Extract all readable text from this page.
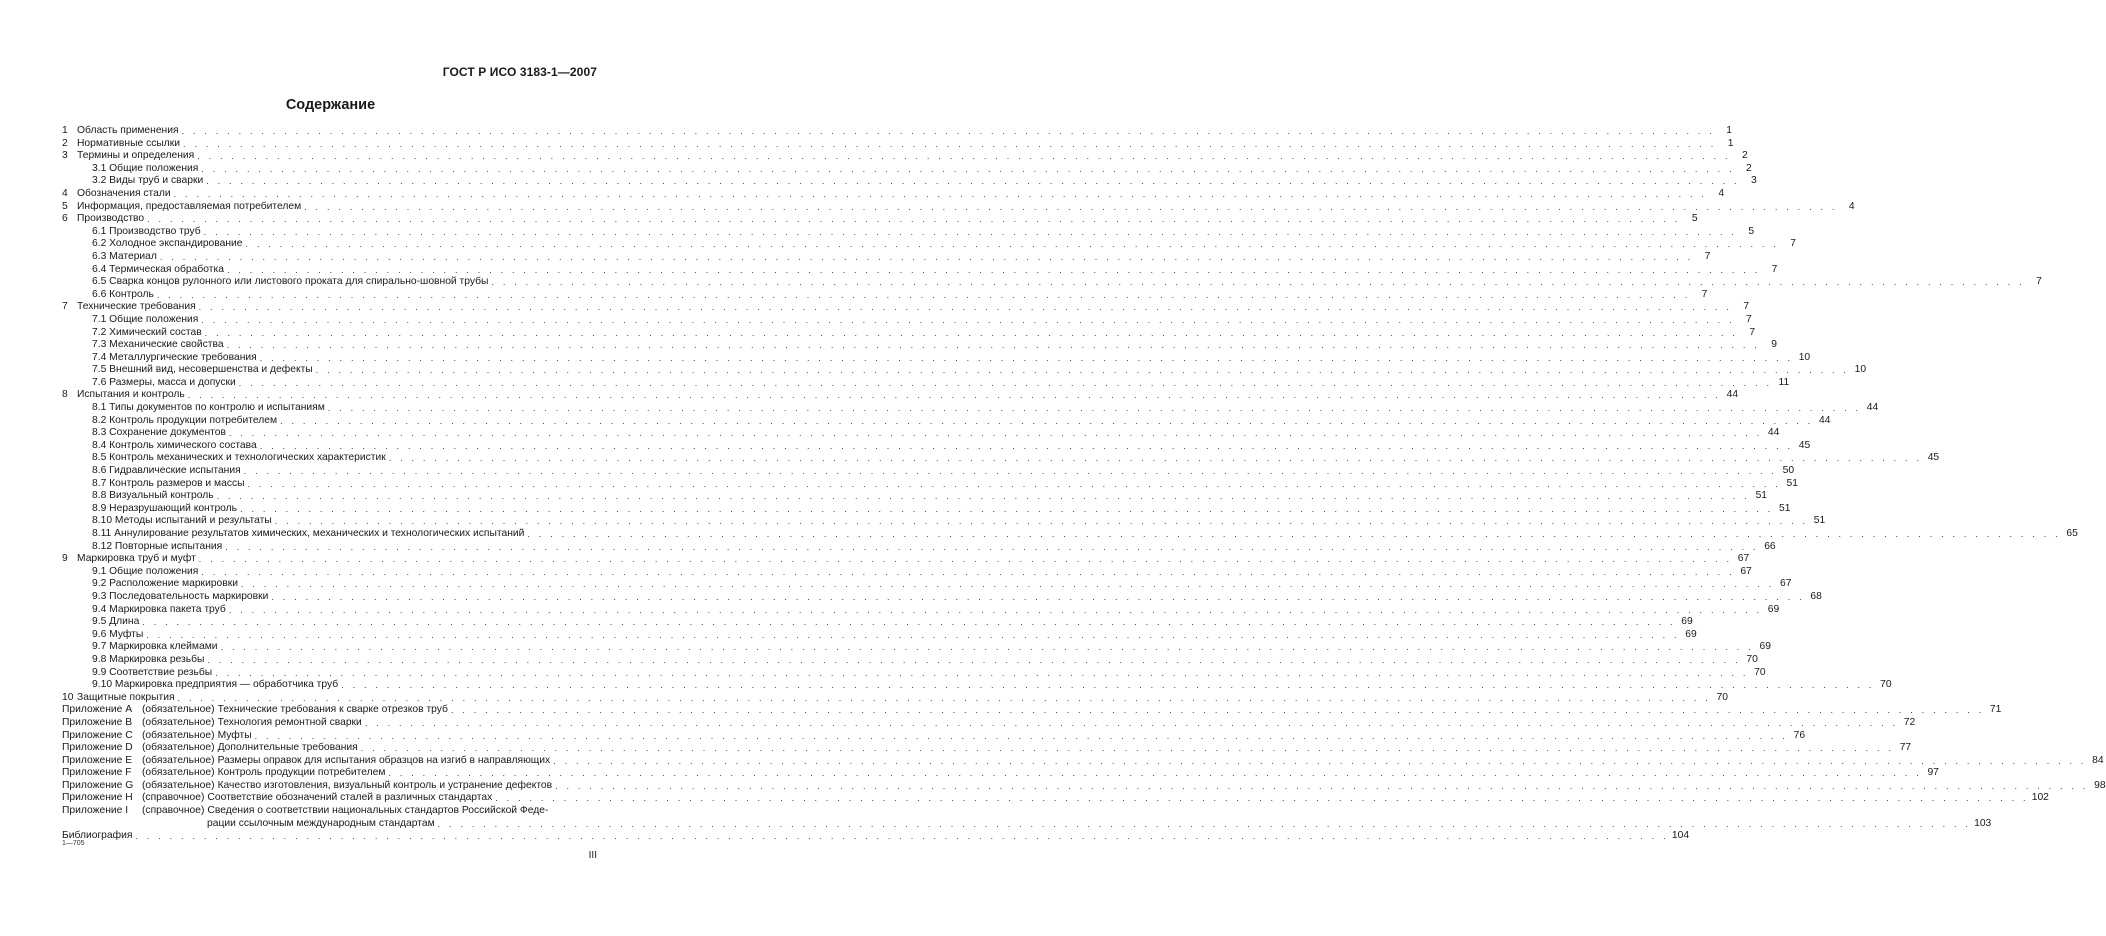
ГОСТ Р ИСО 3183-1—2007
Содержание
1 Область применения . . .	1
2 Нормативные ссылки . . .	1
3 Термины и определения . . .	2
3.1 Общие положения . . .	2
3.2 Виды труб и сварки . . .	3
4 Обозначения стали . . .	4
5 Информация, предоставляемая потребителем . . .	4
6 Производство . . .	5
6.1 Производство труб . . .	5
6.2 Холодное экспандирование . . .	7
6.3 Материал . . .	7
6.4 Термическая обработка . . .	7
6.5 Сварка концов рулонного или листового проката для спирально-шовной трубы . . .	7
6.6 Контроль . . .	7
7 Технические требования . . .	7
7.1 Общие положения . . .	7
7.2 Химический состав . . .	7
7.3 Механические свойства . . .	9
7.4 Металлургические требования . . .	10
7.5 Внешний вид, несовершенства и дефекты . . .	10
7.6 Размеры, масса и допуски . . .	11
8 Испытания и контроль . . .	44
8.1 Типы документов по контролю и испытаниям . . .	44
8.2 Контроль продукции потребителем . . .	44
8.3 Сохранение документов . . .	44
8.4 Контроль химического состава . . .	45
8.5 Контроль механических и технологических характеристик . . .	45
8.6 Гидравлические испытания . . .	50
8.7 Контроль размеров и массы . . .	51
8.8 Визуальный контроль . . .	51
8.9 Неразрушающий контроль . . .	51
8.10 Методы испытаний и результаты . . .	51
8.11 Аннулирование результатов химических, механических и технологических испытаний . . .	65
8.12 Повторные испытания . . .	66
9 Маркировка труб и муфт . . .	67
9.1 Общие положения . . .	67
9.2 Расположение маркировки . . .	67
9.3 Последовательность маркировки . . .	68
9.4 Маркировка пакета труб . . .	69
9.5 Длина . . .	69
9.6 Муфты . . .	69
9.7 Маркировка клеймами . . .	69
9.8 Маркировка резьбы . . .	70
9.9 Соответствие резьбы . . .	70
9.10 Маркировка предприятия — обработчика труб . . .	70
10 Защитные покрытия . . .	70
Приложение А (обязательное) Технические требования к сварке отрезков труб . . .	71
Приложение В (обязательное) Технология ремонтной сварки . . .	72
Приложение С (обязательное) Муфты . . .	76
Приложение D (обязательное) Дополнительные требования . . .	77
Приложение Е (обязательное) Размеры оправок для испытания образцов на изгиб в направляющих . . .	84
Приложение F	(обязательное) Контроль продукции потребителем . . .	97
Приложение G (обязательное) Качество изготовления, визуальный контроль и устранение дефектов . . .	98
Приложение Н (справочное) Соответствие обозначений сталей в различных стандартах . . .	102
Приложение I	(справочное) Сведения о соответствии национальных стандартов Российской Феде-
рации ссылочным международным стандартам . . .	103
Библиография . . .	104
1—705
III
